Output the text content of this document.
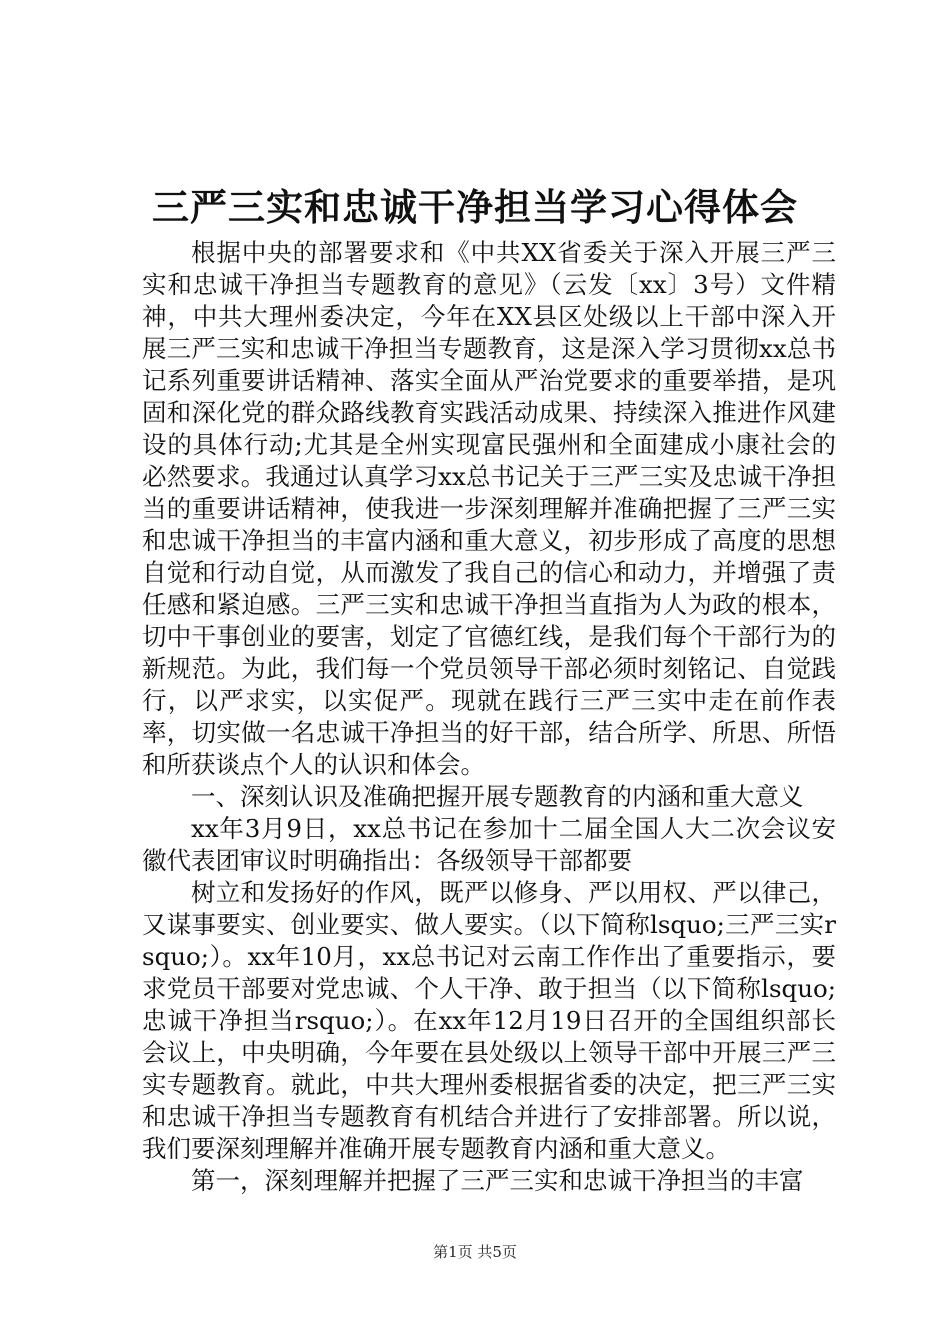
三严三实和忠诚干净担当学习心得体会

根据中央的部署要求和《中共XX省委关于深入开展三严三实和忠诚干净担当专题教育的意见》（云发〔xx〕3号）文件精神，中共大理州委决定，今年在XX县区处级以上干部中深入开展三严三实和忠诚干净担当专题教育，这是深入学习贯彻xx总书记系列重要讲话精神、落实全面从严治党要求的重要举措，是巩固和深化党的群众路线教育实践活动成果、持续深入推进作风建设的具体行动;尤其是全州实现富民强州和全面建成小康社会的必然要求。我通过认真学习xx总书记关于三严三实及忠诚干净担当的重要讲话精神，使我进一步深刻理解并准确把握了三严三实和忠诚干净担当的丰富内涵和重大意义，初步形成了高度的思想自觉和行动自觉，从而激发了我自己的信心和动力，并增强了责任感和紧迫感。三严三实和忠诚干净担当直指为人为政的根本，切中干事创业的要害，划定了官德红线，是我们每个干部行为的新规范。为此，我们每一个党员领导干部必须时刻铭记、自觉践行，以严求实，以实促严。现就在践行三严三实中走在前作表率，切实做一名忠诚干净担当的好干部，结合所学、所思、所悟和所获谈点个人的认识和体会。

一、深刻认识及准确把握开展专题教育的内涵和重大意义

xx年3月9日，xx总书记在参加十二届全国人大二次会议安徽代表团审议时明确指出：各级领导干部都要

树立和发扬好的作风，既严以修身、严以用权、严以律己，又谋事要实、创业要实、做人要实。（以下简称lsquo;三严三实rsquo;）。xx年10月，xx总书记对云南工作作出了重要指示，要求党员干部要对党忠诚、个人干净、敢于担当（以下简称lsquo;忠诚干净担当rsquo;）。在xx年12月19日召开的全国组织部长会议上，中央明确，今年要在县处级以上领导干部中开展三严三实专题教育。就此，中共大理州委根据省委的决定，把三严三实和忠诚干净担当专题教育有机结合并进行了安排部署。所以说，我们要深刻理解并准确开展专题教育内涵和重大意义。

第一，深刻理解并把握了三严三实和忠诚干净担当的丰富

第1页 共5页
